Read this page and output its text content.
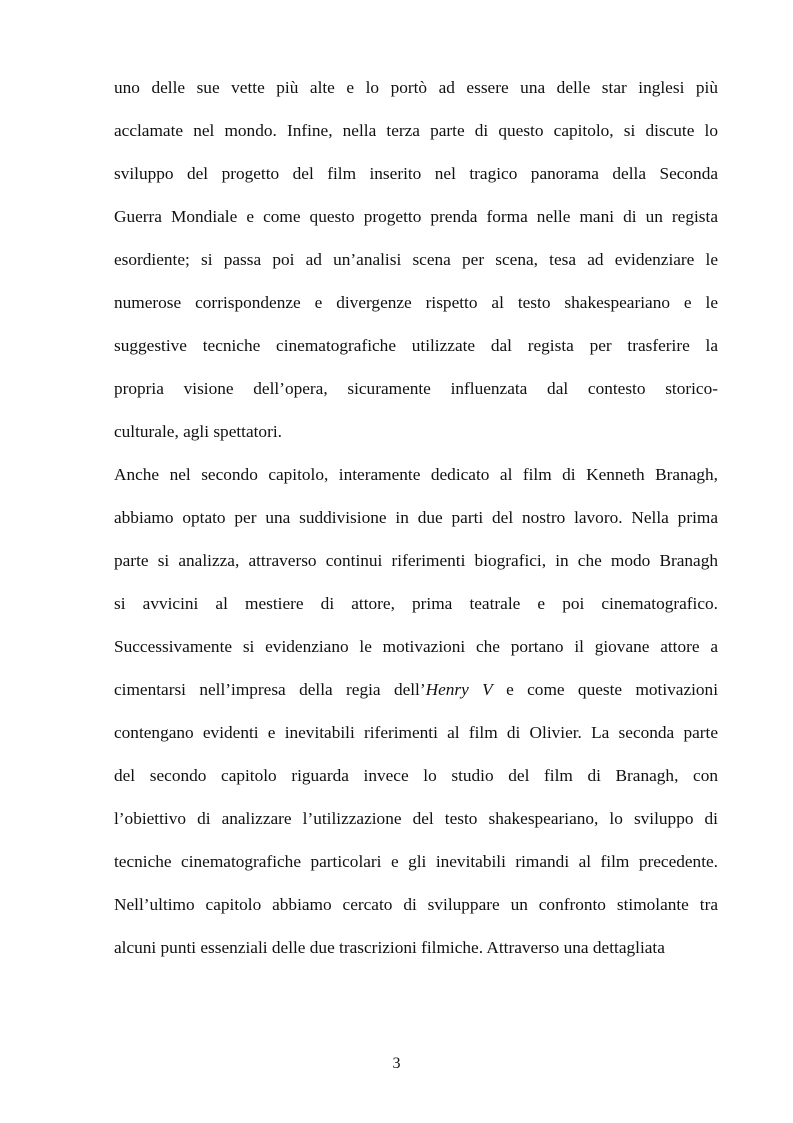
uno delle sue vette più alte e lo portò ad essere una delle star inglesi più
acclamate nel mondo. Infine, nella terza parte di questo capitolo, si discute lo
sviluppo del progetto del film inserito nel tragico panorama della Seconda
Guerra Mondiale e come questo progetto prenda forma nelle mani di un regista
esordiente; si passa poi ad un’analisi scena per scena, tesa ad evidenziare le
numerose corrispondenze e divergenze rispetto al testo shakespeariano e le
suggestive tecniche cinematografiche utilizzate dal regista per trasferire la
propria visione dell’opera, sicuramente influenzata dal contesto storico-
culturale, agli spettatori.
Anche nel secondo capitolo, interamente dedicato al film di Kenneth Branagh,
abbiamo optato per una suddivisione in due parti del nostro lavoro. Nella prima
parte si analizza, attraverso continui riferimenti biografici, in che modo Branagh
si avvicini al mestiere di attore, prima teatrale e poi cinematografico.
Successivamente si evidenziano le motivazioni che portano il giovane attore a
cimentarsi nell’impresa della regia dell’Henry V e come queste motivazioni
contengano evidenti e inevitabili riferimenti al film di Olivier. La seconda parte
del secondo capitolo riguarda invece lo studio del film di Branagh, con
l’obiettivo di analizzare l’utilizzazione del testo shakespeariano, lo sviluppo di
tecniche cinematografiche particolari e gli inevitabili rimandi al film precedente.
Nell’ultimo capitolo abbiamo cercato di sviluppare un confronto stimolante tra
alcuni punti essenziali delle due trascrizioni filmiche. Attraverso una dettagliata
3
